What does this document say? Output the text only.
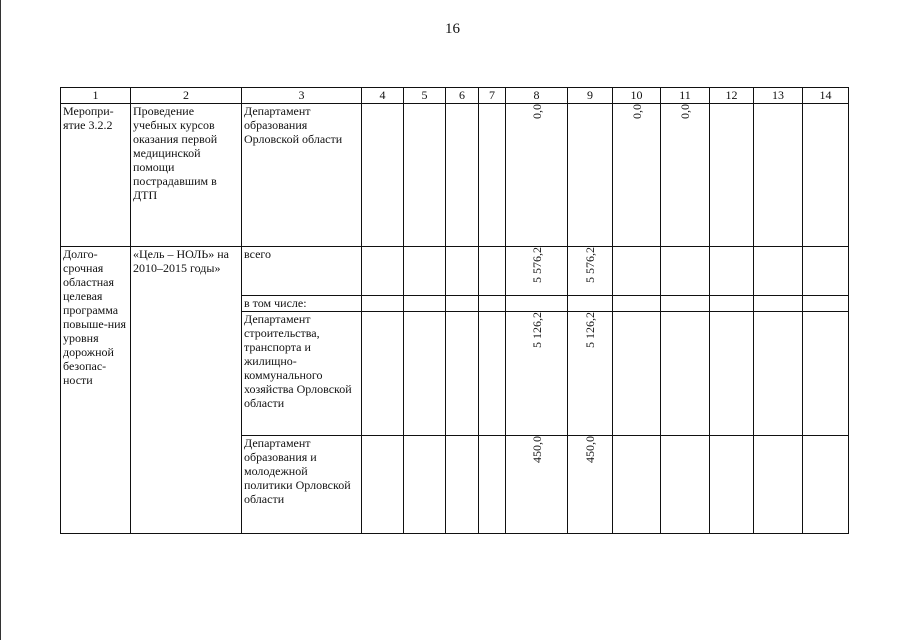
16
1	2	3	4	5	6	7	8	9	10	11	12	13	14
Меропри-ятие 3.2.2	Проведение учебных курсов оказания первой медицинской помощи пострадавшим в ДТП	Департамент образования Орловской области					0,0		0,0	0,0			

Долго-срочная областная целевая программа повыше-ния уровня дорожной безопас-ности	«Цель – НОЛЬ» на 2010–2015 годы»	всего					5 576,2	5 576,2					

		в том числе:											
		Департамент строительства, транспорта и жилищно-коммунального хозяйства Орловской области					5 126,2	5 126,2					

		Департамент образования и молодежной политики Орловской области					450,0	450,0					
